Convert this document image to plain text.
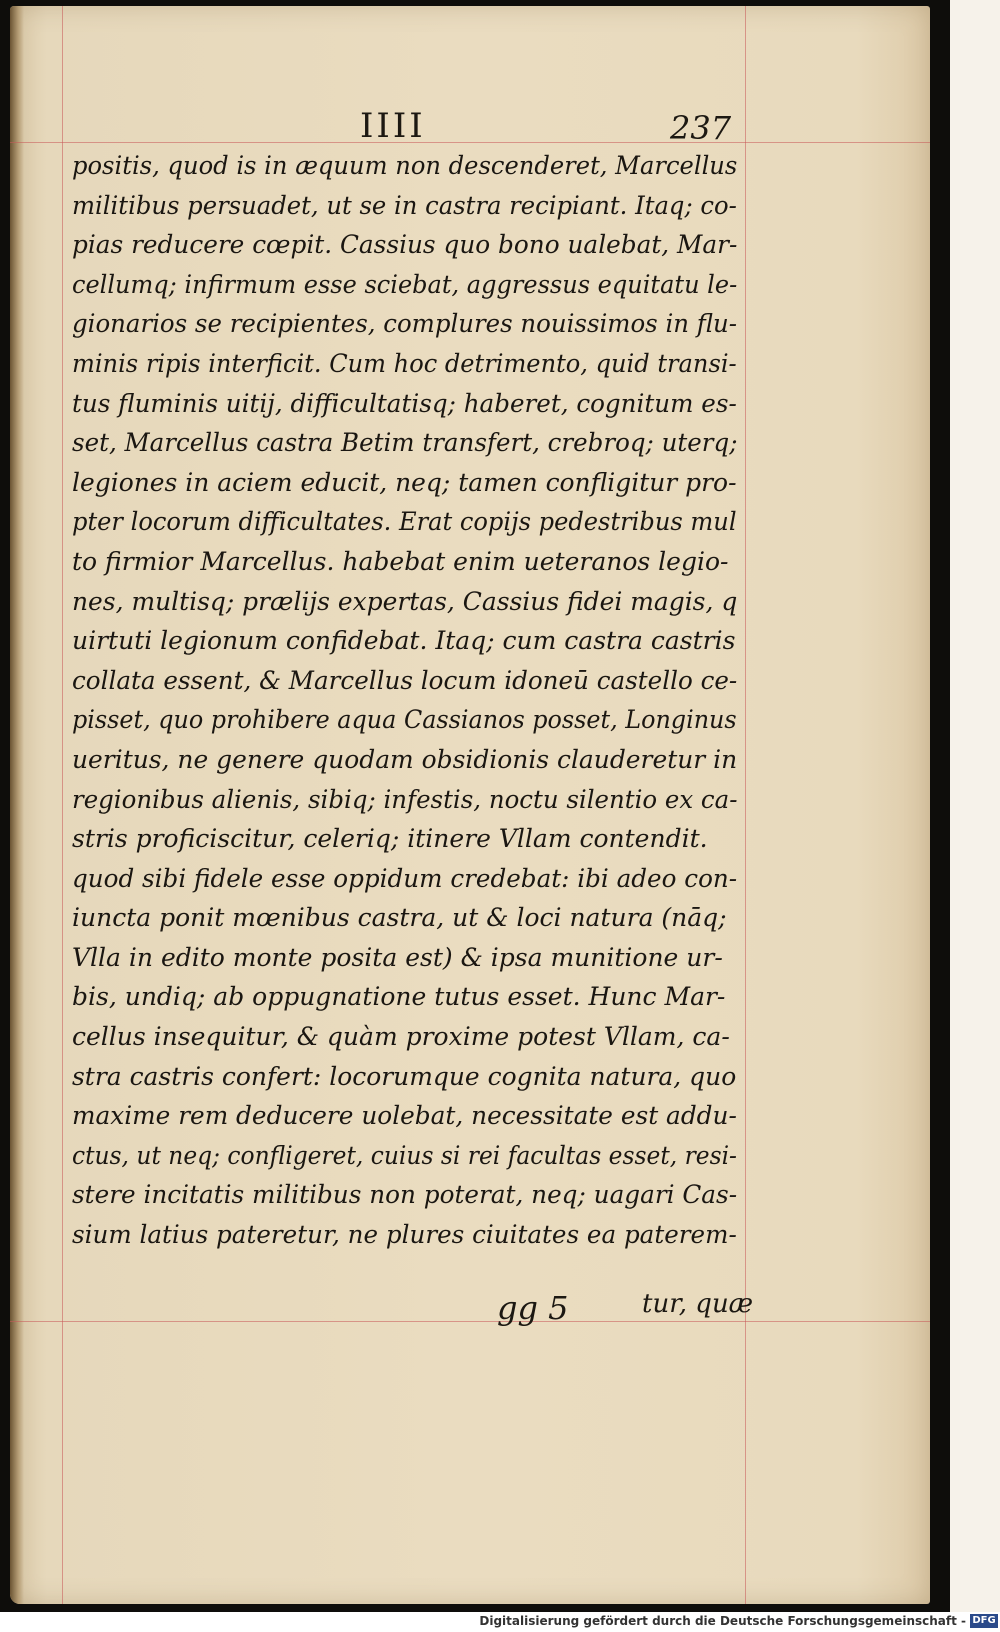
IIII	237
positis, quod is in æquum non descenderet, Marcellus
militibus persuadet, ut se in castra recipiant. Itaq; co-
pias reducere cœpit. Cassius quo bono ualebat, Mar-
cellumq; infirmum esse sciebat, aggressus equitatu le-
gionarios se recipientes, complures nouissimos in flu-
minis ripis interficit. Cum hoc detrimento, quid transi-
tus fluminis uitij, difficultatisq; haberet, cognitum es-
set, Marcellus castra Betim transfert, crebroq; uterq;
legiones in aciem educit, neq; tamen confligitur pro-
pter locorum difficultates. Erat copijs pedestribus mul
to firmior Marcellus. habebat enim ueteranos legio-
nes, multisq; prælijs expertas, Cassius fidei magis, q
uirtuti legionum confidebat. Itaq; cum castra castris
collata essent, & Marcellus locum idoneū castello ce-
pisset, quo prohibere aqua Cassianos posset, Longinus
ueritus, ne genere quodam obsidionis clauderetur in
regionibus alienis, sibiq; infestis, noctu silentio ex ca-
stris proficiscitur, celeriq; itinere Vllam contendit.
quod sibi fidele esse oppidum credebat: ibi adeo con-
iuncta ponit mœnibus castra, ut & loci natura (nāq;
Vlla in edito monte posita est) & ipsa munitione ur-
bis, undiq; ab oppugnatione tutus esset. Hunc Mar-
cellus insequitur, & quàm proxime potest Vllam, ca-
stra castris confert: locorumque cognita natura, quo
maxime rem deducere uolebat, necessitate est addu-
ctus, ut neq; confligeret, cuius si rei facultas esset, resi-
stere incitatis militibus non poterat, neq; uagari Cas-
sium latius pateretur, ne plures ciuitates ea paterem-
gg 5	tur, quæ
Digitalisierung gefördert durch die Deutsche Forschungsgemeinschaft - DFG
